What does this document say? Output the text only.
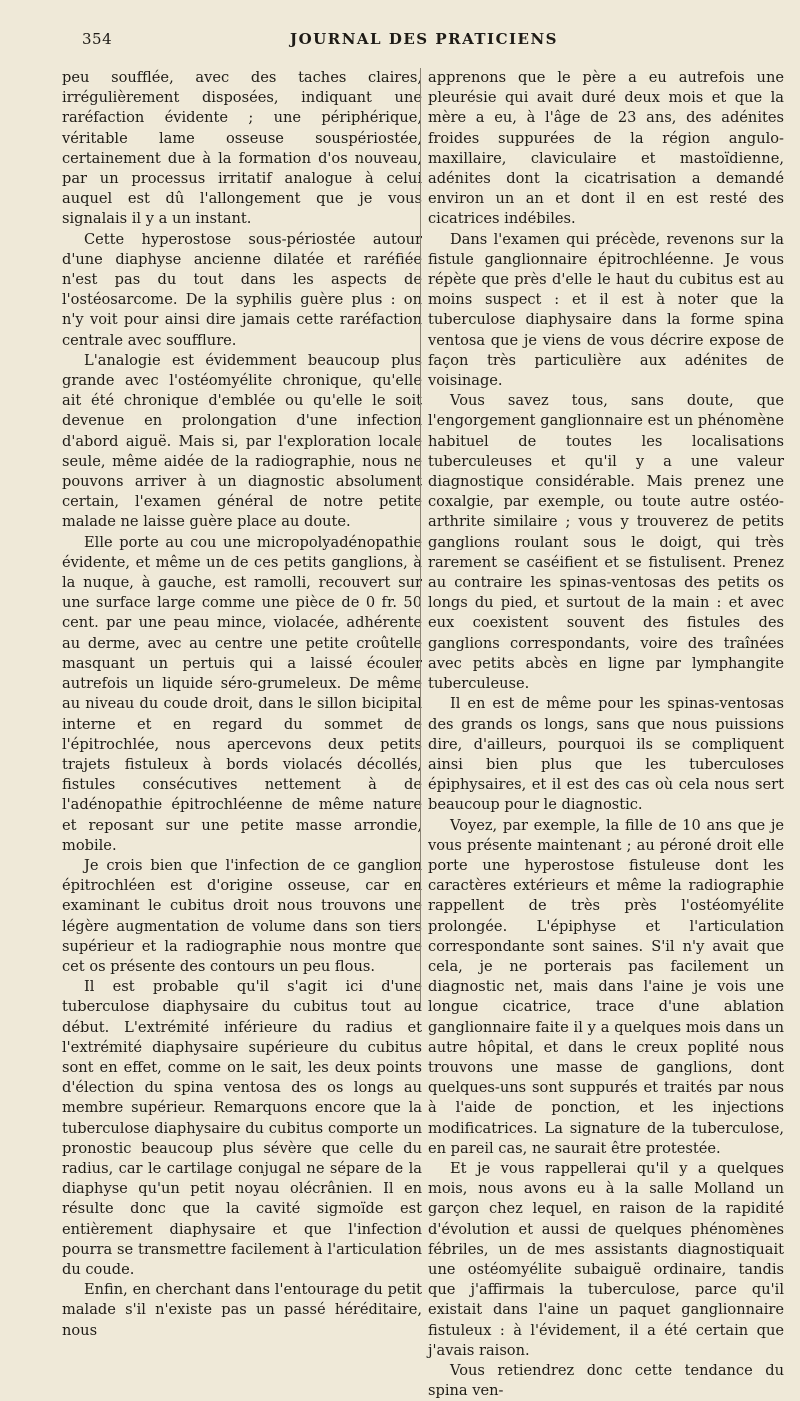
354	JOURNAL DES PRATICIENS

peu soufflée, avec des taches claires, irrégulièrement disposées, indiquant une raréfaction évidente ; une périphérique, véritable lame osseuse souspériostée, certainement due à la formation d'os nouveau, par un processus irritatif analogue à celui auquel est dû l'allongement que je vous signalais il y a un instant.

Cette hyperostose sous-périostée autour d'une diaphyse ancienne dilatée et raréfiée n'est pas du tout dans les aspects de l'ostéosarcome. De la syphilis guère plus : on n'y voit pour ainsi dire jamais cette raréfaction centrale avec soufflure.

L'analogie est évidemment beaucoup plus grande avec l'ostéomyélite chronique, qu'elle ait été chronique d'emblée ou qu'elle le soit devenue en prolongation d'une infection d'abord aiguë. Mais si, par l'exploration locale seule, même aidée de la radiographie, nous ne pouvons arriver à un diagnostic absolument certain, l'examen général de notre petite malade ne laisse guère place au doute.

Elle porte au cou une micropolyadénopathie évidente, et même un de ces petits ganglions, à la nuque, à gauche, est ramolli, recouvert sur une surface large comme une pièce de 0 fr. 50 cent. par une peau mince, violacée, adhérente au derme, avec au centre une petite croûtelle masquant un pertuis qui a laissé écouler autrefois un liquide séro-grumeleux. De même au niveau du coude droit, dans le sillon bicipital interne et en regard du sommet de l'épitrochlée, nous apercevons deux petits trajets fistuleux à bords violacés décollés, fistules consécutives nettement à de l'adénopathie épitrochléenne de même nature et reposant sur une petite masse arrondie, mobile.

Je crois bien que l'infection de ce ganglion épitrochléen est d'origine osseuse, car en examinant le cubitus droit nous trouvons une légère augmentation de volume dans son tiers supérieur et la radiographie nous montre que cet os présente des contours un peu flous.

Il est probable qu'il s'agit ici d'une tuberculose diaphysaire du cubitus tout au début. L'extrémité inférieure du radius et l'extrémité diaphysaire supérieure du cubitus sont en effet, comme on le sait, les deux points d'élection du spina ventosa des os longs au membre supérieur. Remarquons encore que la tuberculose diaphysaire du cubitus comporte un pronostic beaucoup plus sévère que celle du radius, car le cartilage conjugal ne sépare de la diaphyse qu'un petit noyau olécrânien. Il en résulte donc que la cavité sigmoïde est entièrement diaphysaire et que l'infection pourra se transmettre facilement à l'articulation du coude.

Enfin, en cherchant dans l'entourage du petit malade s'il n'existe pas un passé héréditaire, nous

apprenons que le père a eu autrefois une pleurésie qui avait duré deux mois et que la mère a eu, à l'âge de 23 ans, des adénites froides suppurées de la région angulo-maxillaire, claviculaire et mastoïdienne, adénites dont la cicatrisation a demandé environ un an et dont il en est resté des cicatrices indébiles.

Dans l'examen qui précède, revenons sur la fistule ganglionnaire épitrochléenne. Je vous répète que près d'elle le haut du cubitus est au moins suspect : et il est à noter que la tuberculose diaphysaire dans la forme spina ventosa que je viens de vous décrire expose de façon très particulière aux adénites de voisinage.

Vous savez tous, sans doute, que l'engorgement ganglionnaire est un phénomène habituel de toutes les localisations tuberculeuses et qu'il y a une valeur diagnostique considérable. Mais prenez une coxalgie, par exemple, ou toute autre ostéo-arthrite similaire ; vous y trouverez de petits ganglions roulant sous le doigt, qui très rarement se caséifient et se fistulisent. Prenez au contraire les spinas-ventosas des petits os longs du pied, et surtout de la main : et avec eux coexistent souvent des fistules des ganglions correspondants, voire des traînées avec petits abcès en ligne par lymphangite tuberculeuse.

Il en est de même pour les spinas-ventosas des grands os longs, sans que nous puissions dire, d'ailleurs, pourquoi ils se compliquent ainsi bien plus que les tuberculoses épiphysaires, et il est des cas où cela nous sert beaucoup pour le diagnostic.

Voyez, par exemple, la fille de 10 ans que je vous présente maintenant ; au péroné droit elle porte une hyperostose fistuleuse dont les caractères extérieurs et même la radiographie rappellent de très près l'ostéomyélite prolongée. L'épiphyse et l'articulation correspondante sont saines. S'il n'y avait que cela, je ne porterais pas facilement un diagnostic net, mais dans l'aine je vois une longue cicatrice, trace d'une ablation ganglionnaire faite il y a quelques mois dans un autre hôpital, et dans le creux poplité nous trouvons une masse de ganglions, dont quelques-uns sont suppurés et traités par nous à l'aide de ponction, et les injections modificatrices. La signature de la tuberculose, en pareil cas, ne saurait être protestée.

Et je vous rappellerai qu'il y a quelques mois, nous avons eu à la salle Molland un garçon chez lequel, en raison de la rapidité d'évolution et aussi de quelques phénomènes fébriles, un de mes assistants diagnostiquait une ostéomyélite subaiguë ordinaire, tandis que j'affirmais la tuberculose, parce qu'il existait dans l'aine un paquet ganglionnaire fistuleux : à l'évidement, il a été certain que j'avais raison.

Vous retiendrez donc cette tendance du spina ven-
